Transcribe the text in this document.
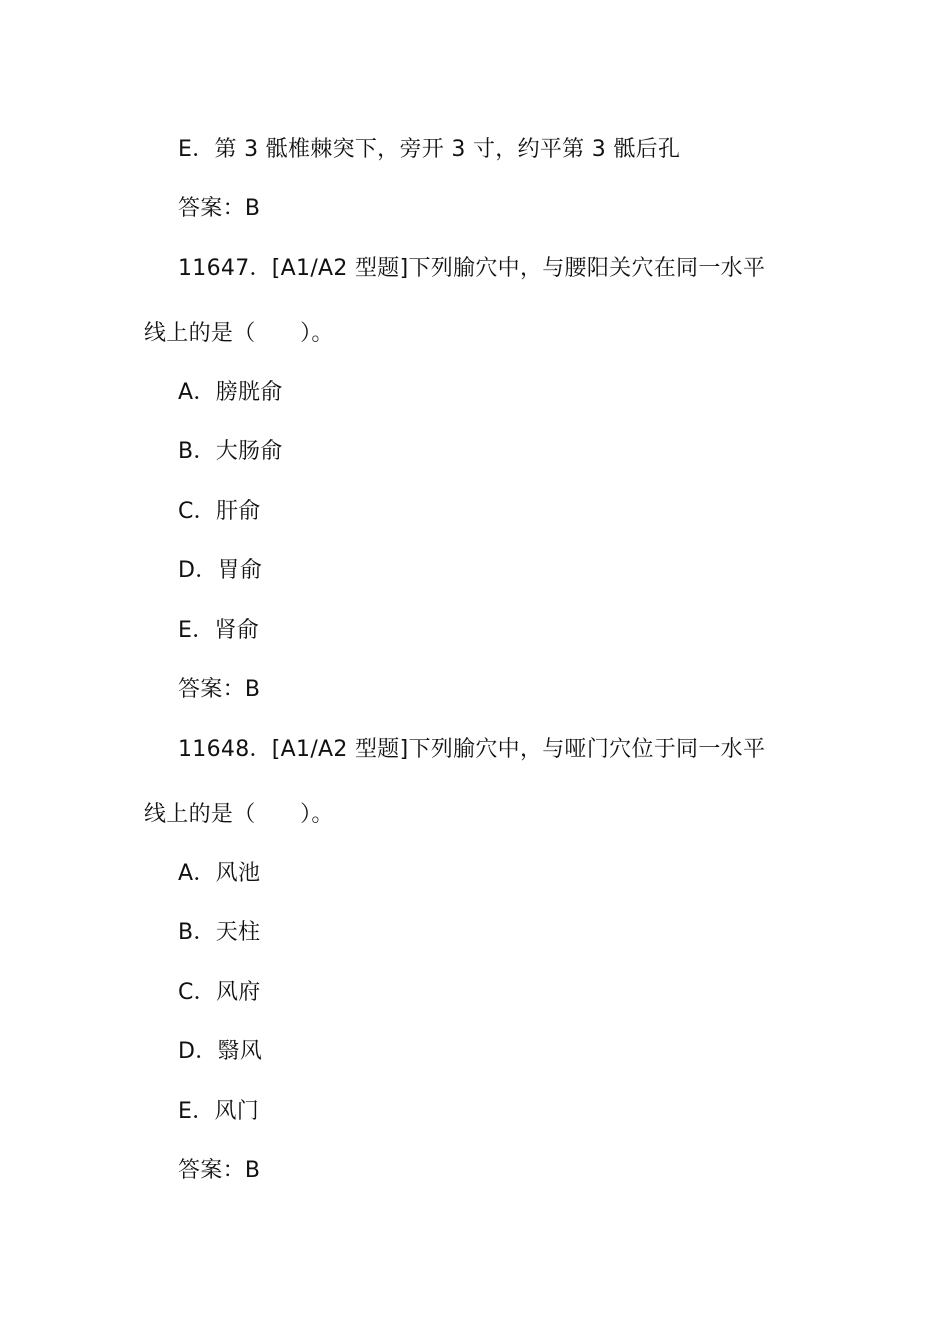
E．第 3 骶椎棘突下，旁开 3 寸，约平第 3 骶后孔
答案：B
11647．[A1/A2 型题]下列腧穴中，与腰阳关穴在同一水平
线上的是（　　）。
A．膀胱俞
B．大肠俞
C．肝俞
D．胃俞
E．肾俞
答案：B
11648．[A1/A2 型题]下列腧穴中，与哑门穴位于同一水平
线上的是（　　）。
A．风池
B．天柱
C．风府
D．翳风
E．风门
答案：B
